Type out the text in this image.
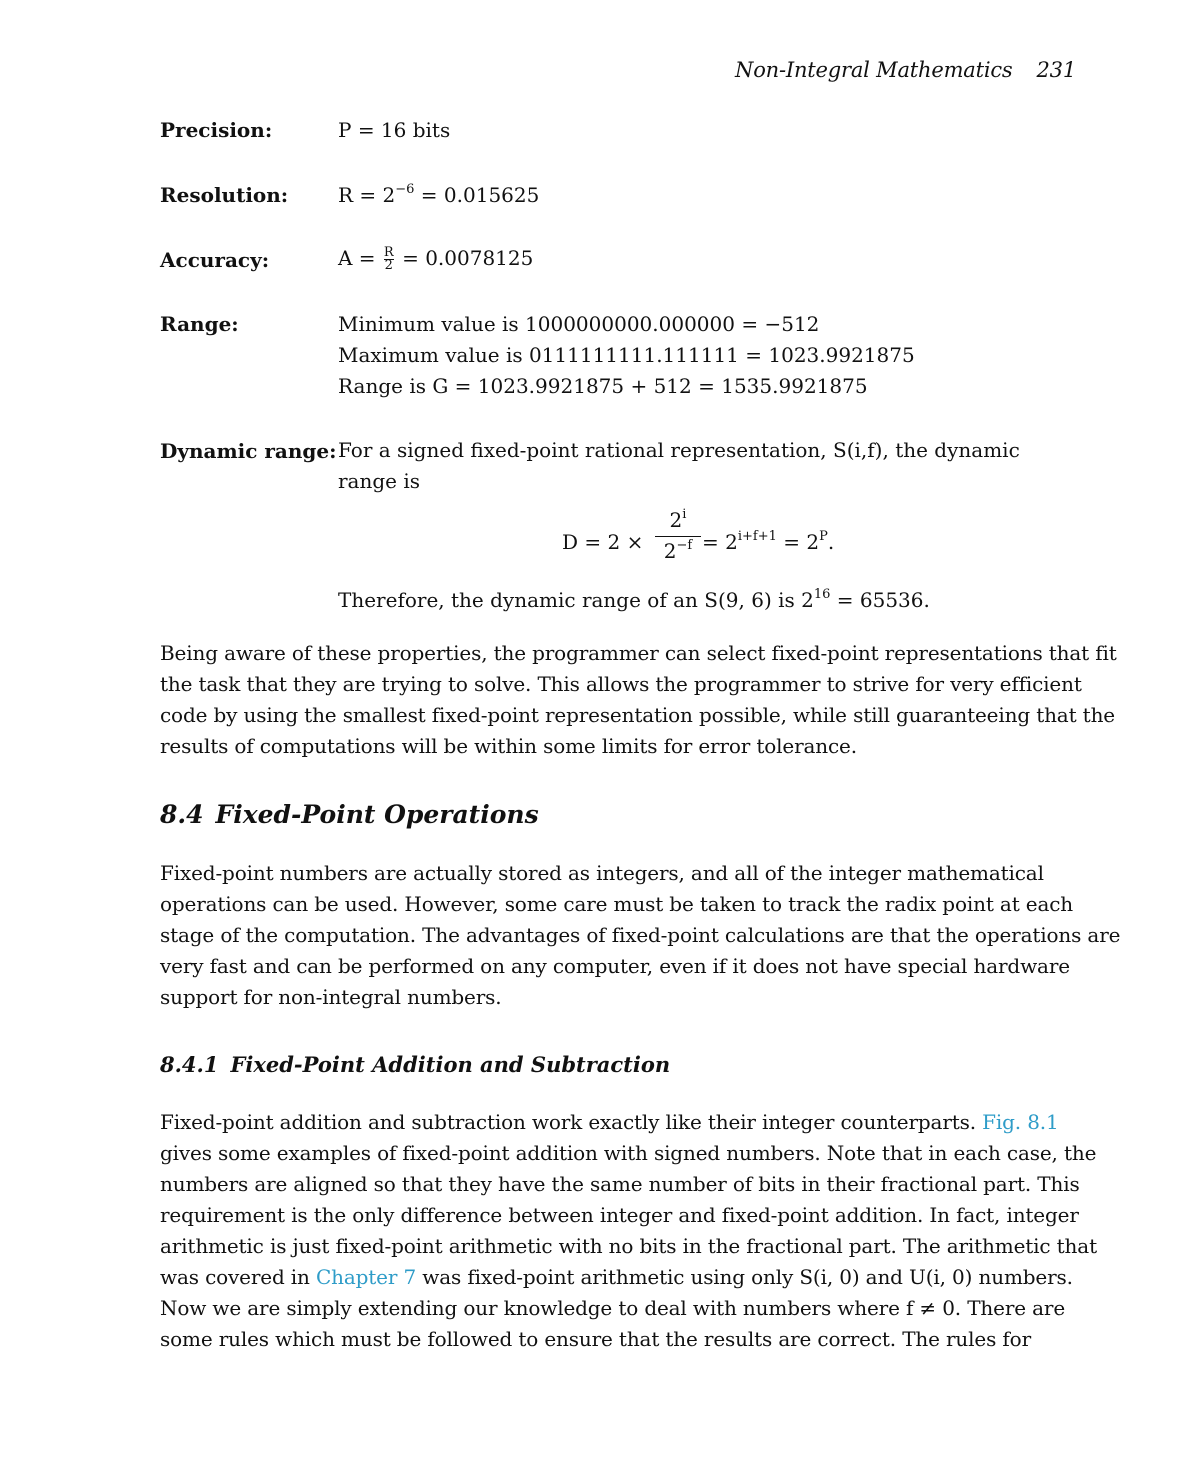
Non-Integral Mathematics 231
Precision:	P = 16 bits
Resolution: $R = 2^{-6} = 0.015625$
Accuracy:	$A = \frac{R}{2} = 0.0078125$
Range:	Minimum value is 1000000000.000000 = −512
Maximum value is 0111111111.111111 = 1023.9921875
Range is G = 1023.9921875 + 512 = 1535.9921875
Dynamic range: For a signed fixed-point rational representation, S(i,f), the dynamic
range is
D = 2 ×
$2^i$
$2^{-f} = 2^{i+f+1} = 2^P$.
Therefore, the dynamic range of an S(9, 6) is $2^{16} = 65536$.
Being aware of these properties, the programmer can select fixed-point representations that fit
the task that they are trying to solve. This allows the programmer to strive for very efficient
code by using the smallest fixed-point representation possible, while still guaranteeing that the
results of computations will be within some limits for error tolerance.
8.4 Fixed-Point Operations
Fixed-point numbers are actually stored as integers, and all of the integer mathematical
operations can be used. However, some care must be taken to track the radix point at each
stage of the computation. The advantages of fixed-point calculations are that the operations are
very fast and can be performed on any computer, even if it does not have special hardware
support for non-integral numbers.
8.4.1 Fixed-Point Addition and Subtraction
Fixed-point addition and subtraction work exactly like their integer counterparts. Fig. 8.1
gives some examples of fixed-point addition with signed numbers. Note that in each case, the
numbers are aligned so that they have the same number of bits in their fractional part. This
requirement is the only difference between integer and fixed-point addition. In fact, integer
arithmetic is just fixed-point arithmetic with no bits in the fractional part. The arithmetic that
was covered in Chapter 7 was fixed-point arithmetic using only S(i, 0) and U(i, 0) numbers.
Now we are simply extending our knowledge to deal with numbers where f ≠ 0. There are
some rules which must be followed to ensure that the results are correct. The rules for
